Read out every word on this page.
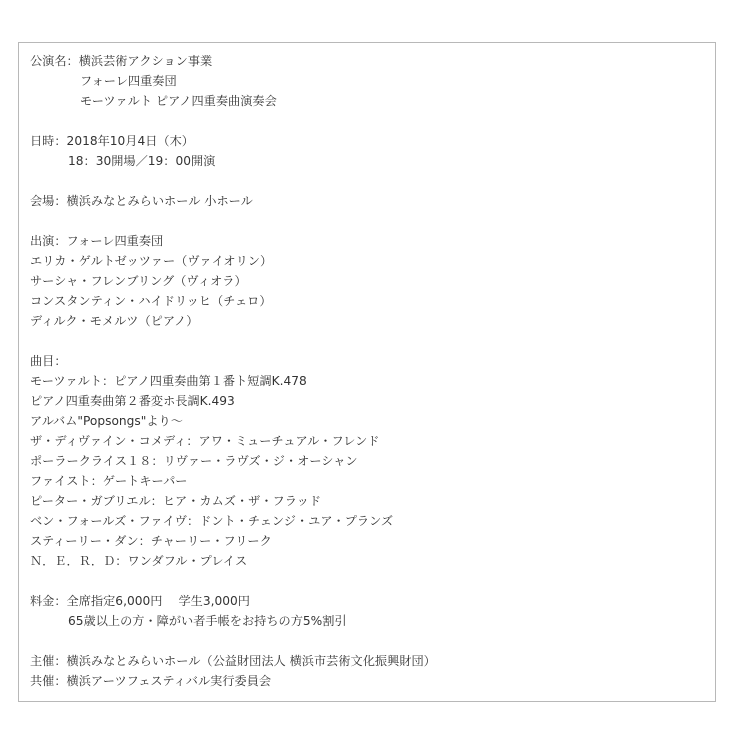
公演名：横浜芸術アクション事業
フォーレ四重奏団
モーツァルト ピアノ四重奏曲演奏会
日時：2018年10月4日（木）
18：30開場／19：00開演
会場：横浜みなとみらいホール 小ホール
出演：フォーレ四重奏団
エリカ・ゲルトゼッツァー（ヴァイオリン）
サーシャ・フレンブリング（ヴィオラ）
コンスタンティン・ハイドリッヒ（チェロ）
ディルク・モメルツ（ピアノ）
曲目：
モーツァルト：ピアノ四重奏曲第１番ト短調K.478
ピアノ四重奏曲第２番変ホ長調K.493
アルバム"Popsongs"より〜
ザ・ディヴァイン・コメディ：アワ・ミューチュアル・フレンド
ポーラークライス１８：リヴァー・ラヴズ・ジ・オーシャン
ファイスト：ゲートキーパー
ピーター・ガブリエル：ヒア・カムズ・ザ・フラッド
ベン・フォールズ・ファイヴ：ドント・チェンジ・ユア・プランズ
スティーリー・ダン：チャーリー・フリーク
Ｎ．Ｅ．Ｒ．Ｄ：ワンダフル・プレイス
料金：全席指定6,000円　 学生3,000円
65歳以上の方・障がい者手帳をお持ちの方5%割引
主催：横浜みなとみらいホール（公益財団法人 横浜市芸術文化振興財団）
共催：横浜アーツフェスティバル実行委員会
